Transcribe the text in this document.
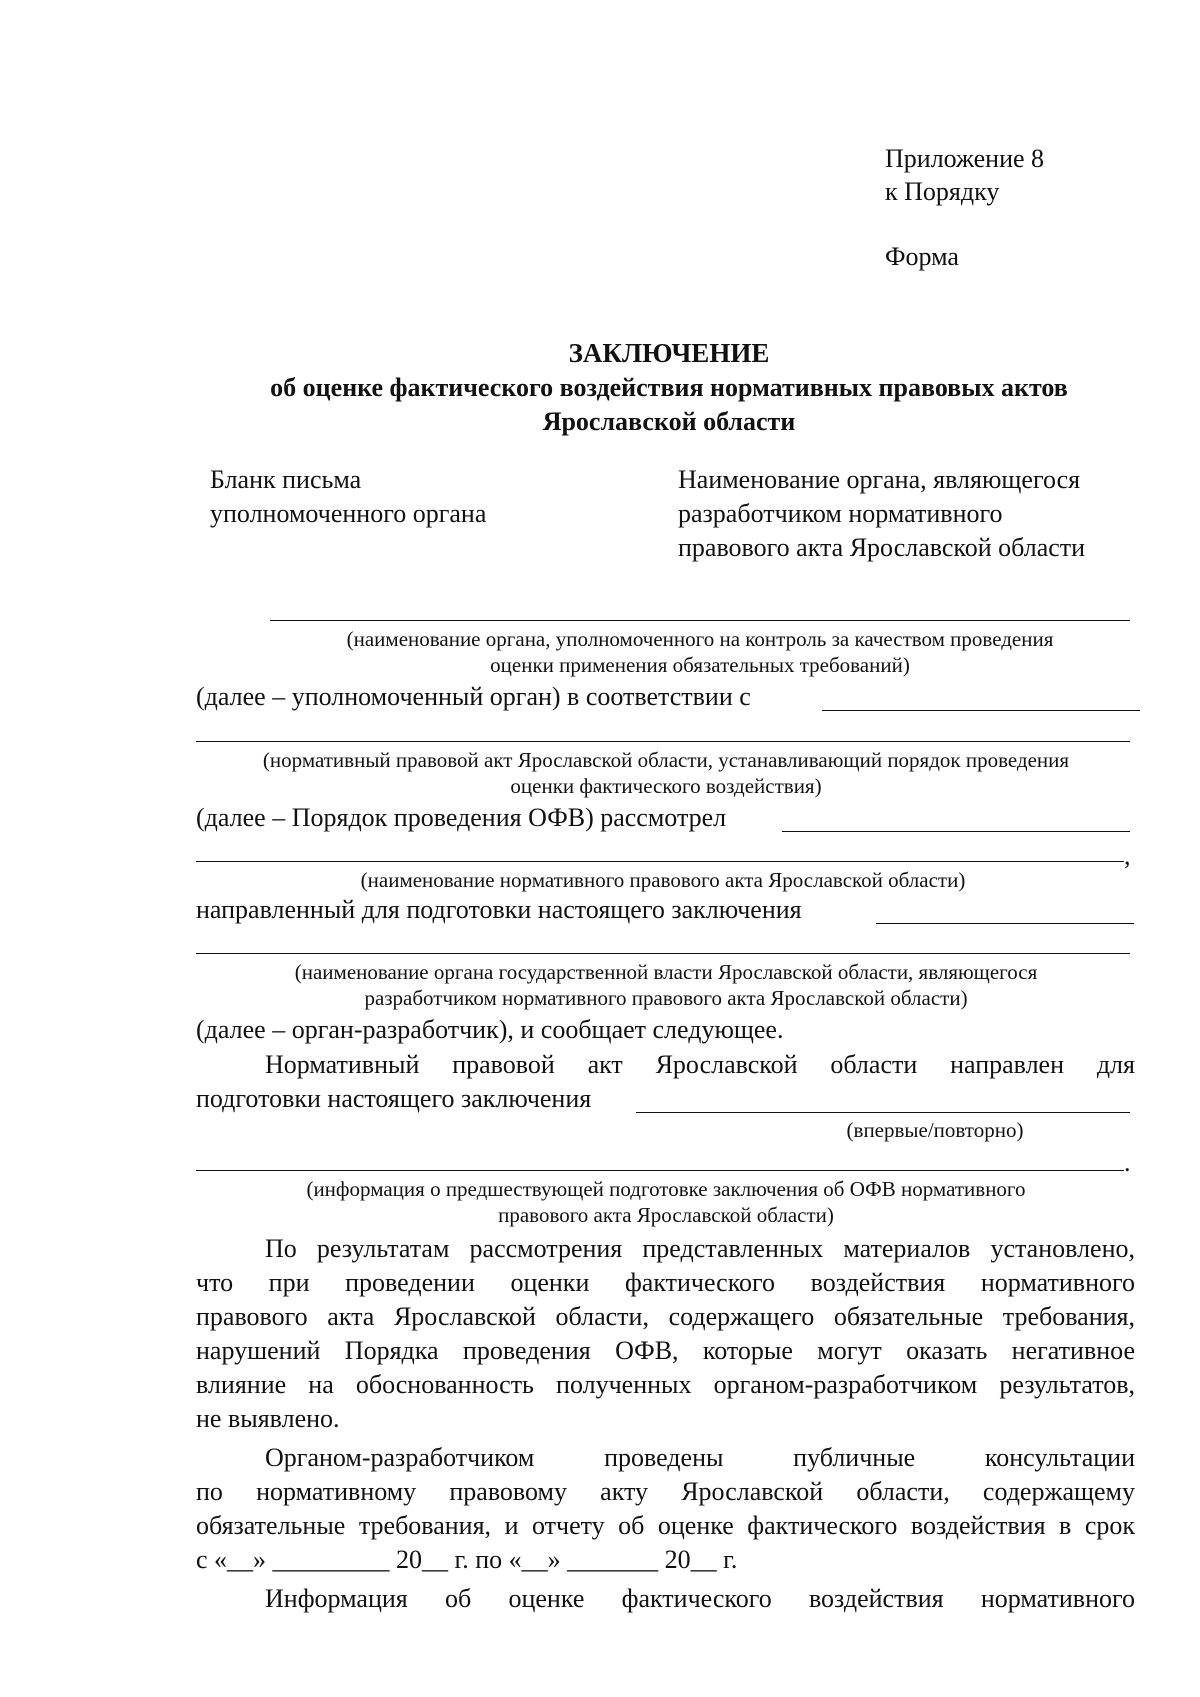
Приложение 8
к Порядку
Форма
ЗАКЛЮЧЕНИЕ
об оценке фактического воздействия нормативных правовых актов
Ярославской области
Бланк письма
уполномоченного органа
Наименование органа, являющегося
разработчиком нормативного
правового акта Ярославской области
(наименование органа, уполномоченного на контроль за качеством проведения
оценки применения обязательных требований)
(далее – уполномоченный орган) в соответствии с
(нормативный правовой акт Ярославской области, устанавливающий порядок проведения
оценки фактического воздействия)
(далее – Порядок проведения ОФВ) рассмотрел
,
(наименование нормативного правового акта Ярославской области)
направленный для подготовки настоящего заключения
(наименование органа государственной власти Ярославской области, являющегося
разработчиком нормативного правового акта Ярославской области)
(далее – орган-разработчик), и сообщает следующее.
Нормативный правовой акт Ярославской области направлен для
подготовки настоящего заключения
(впервые/повторно)
.
(информация о предшествующей подготовке заключения об ОФВ нормативного
правового акта Ярославской области)
По результатам рассмотрения представленных материалов установлено,
что при проведении оценки фактического воздействия нормативного
правового акта Ярославской области, содержащего обязательные требования,
нарушений Порядка проведения ОФВ, которые могут оказать негативное
влияние на обоснованность полученных органом-разработчиком результатов,
не выявлено.
Органом-разработчиком проведены публичные консультации
по нормативному правовому акту Ярославской области, содержащему
обязательные требования, и отчету об оценке фактического воздействия в срок
с «__» _________ 20__ г. по «__» _______ 20__ г.
Информация об оценке фактического воздействия нормативного
